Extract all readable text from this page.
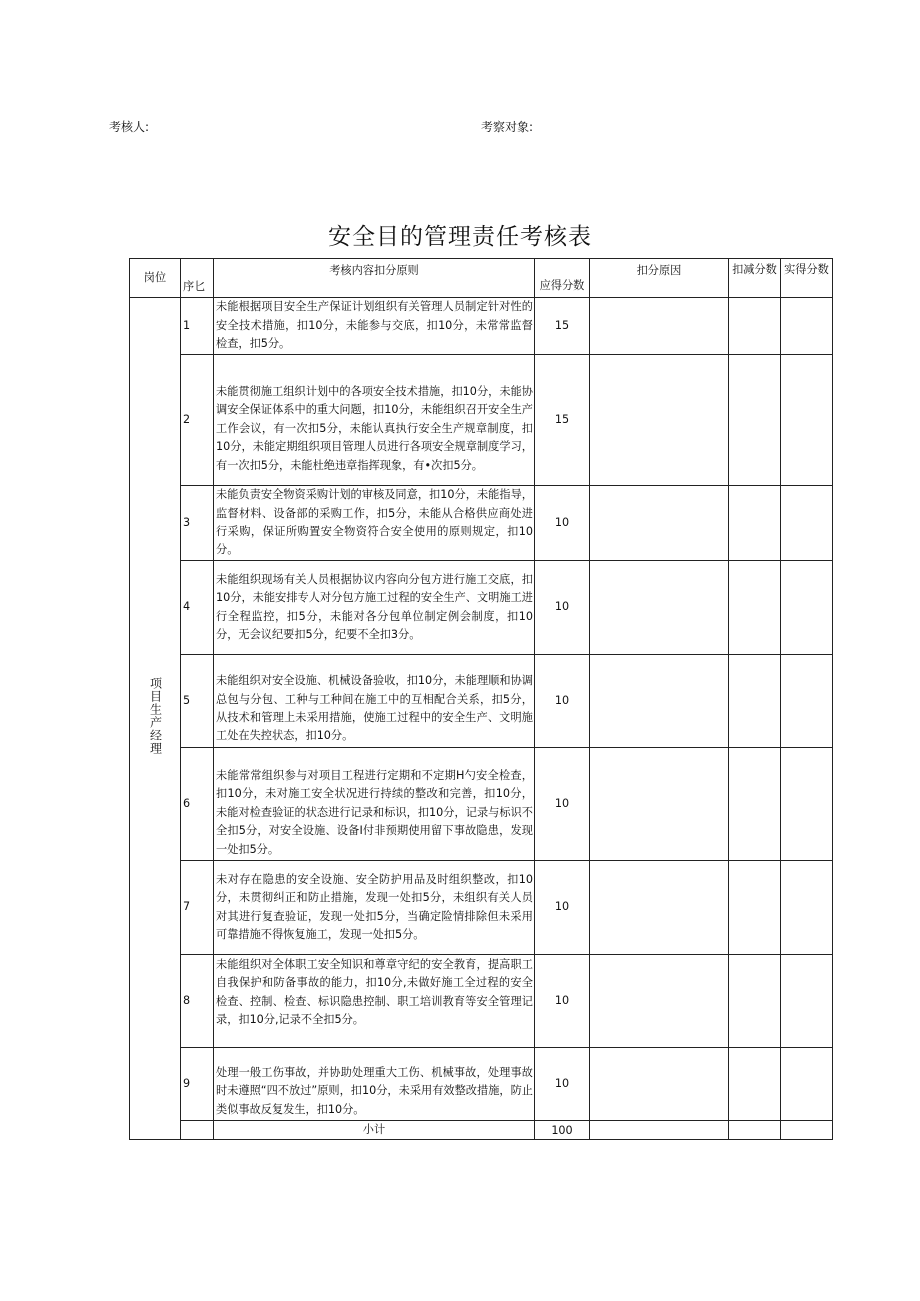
考核人:	考察对象:
安全目的管理责任考核表
岗位	序匕	考核内容扣分原则	应得分数	扣分原因	扣减分数	实得分数
项目生产经理	1	未能根据项目安全生产保证计划组织有关管理人员制定针对性的安全技术措施，扣10分，未能参与交底，扣10分，未常常监督检查，扣5分。	15			
	2	未能贯彻施工组织计划中的各项安全技术措施，扣10分，未能协调安全保证体系中的重大问题，扣10分，未能组织召开安全生产工作会议，有一次扣5分，未能认真执行安全生产规章制度，扣10分，未能定期组织项目管理人员进行各项安全规章制度学习，有一次扣5分，未能杜绝违章指挥现象，有•次扣5分。	15			
	3	未能负责安全物资采购计划的审核及同意，扣10分，未能指导，监督材料、设备部的采购工作，扣5分，未能从合格供应商处进行采购，保证所购置安全物资符合安全使用的原则规定，扣10分。	10			
	4	未能组织现场有关人员根据协议内容向分包方进行施工交底，扣10分，未能安排专人对分包方施工过程的安全生产、文明施工进行全程监控，扣5分，未能对各分包单位制定例会制度，扣10分，无会议纪要扣5分，纪要不全扣3分。	10			
	5	未能组织对安全设施、机械设备验收，扣10分，未能理顺和协调总包与分包、工种与工种间在施工中的互相配合关系，扣5分，从技术和管理上未采用措施，使施工过程中的安全生产、文明施工处在失控状态，扣10分。	10			
	6	未能常常组织参与对项目工程进行定期和不定期H勺安全检查，扣10分，未对施工安全状况进行持续的整改和完善，扣10分，未能对检查验证的状态进行记录和标识，扣10分，记录与标识不全扣5分，对安全设施、设备I付非预期使用留下事故隐患，发现一处扣5分。	10			
	7	未对存在隐患的安全设施、安全防护用品及时组织整改，扣10分，未贯彻纠正和防止措施，发现一处扣5分，未组织有关人员对其进行复查验证，发现一处扣5分，当确定险情排除但未采用可靠措施不得恢复施工，发现一处扣5分。	10			
	8	未能组织对全体职工安全知识和尊章守纪的安全教育，提高职工自我保护和防备事故的能力，扣10分,未做好施工全过程的安全检查、控制、检查、标识隐患控制、职工培训教育等安全管理记录，扣10分,记录不全扣5分。	10			
	9	处理一般工伤事故，并协助处理重大工伤、机械事故，处理事故时未遵照“四不放过”原则，扣10分，未采用有效整改措施，防止类似事故反复发生，扣10分。	10			
		小计	100			
